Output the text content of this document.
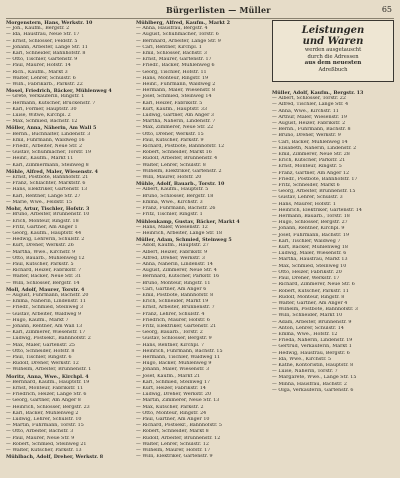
Bürgerlisten — Müller	65
Morgenstern, Hans, Werkstr. 10
— Joh., Kaufm., Bergstr. 2
— Ida, Hausfrau, Neue Str. 17
— Ernst, Schlosser, Feldstr. 5
— Johann, Arbeiter, Lange Str. 11
— Karl, Schneider, Bahnhofstr. 8
— Otto, Tischler, Gartenstr. 9
— Paul, Maurer, Hofstr. 14
— Rich., Kaufm., Markt 3
— Walter, Lehrer, Schulstr. 6
— Wilh., Fabrikarb., Parkstr. 22
Mosel, Friedrich, Bäcker, Mühlenweg 4
— Grete, Verkäuferin, Ringstr. 1
— Hermann, Kutscher, Brückenstr. 7
— Karl, Former, Hauptstr. 30
— Luise, Witwe, Kirchpl. 2
— Max, Schmied, Bachstr. 12
Möller, Anna, Näherin, Am Wall 5
— Bernh., Buchhalter, Lindenstr. 3
— Emil, Fuhrmann, Waldweg 16
— Friedr., Arbeiter, Neue Str. 2
— Gustav, Schuhmacher, Torstr. 19
— Heinr., Kaufm., Markt 11
— Karl, Zimmermann, Steinweg 8
Möhle, Alfred, Maler, Wiesenstr. 4
— Ernst, Postbote, Bahnhofstr. 21
— Franz, Schlachter, Marktstr. 6
— Hans, Elektriker, Gartenstr. 13
— Karl, Rentner, Lange Str. 27
— Marie, Wwe., Feldstr. 15
Mohr, Artur, Tischler, Hofstr. 3
— Bruno, Arbeiter, Brunnenstr. 10
— Erich, Monteur, Ringstr. 18
— Fritz, Gärtner, Am Anger 1
— Georg, Kaufm., Hauptstr. 44
— Hedwig, Lehrerin, Schulstr. 2
— Kurt, Dreher, Werkstr. 26
— Martha, Wwe., Kirchstr. 9
— Otto, Bauarb., Mühlenweg 12
— Paul, Kutscher, Parkstr. 5
— Richard, Heizer, Fabrikstr. 7
— Walter, Bäcker, Neue Str. 31
— Willi, Schlosser, Bergstr. 14
Moll, Adolf, Maurer, Torstr. 4
— August, Fuhrmann, Bachstr. 20
— Emma, Näherin, Lindenstr. 11
— Friedr., Schmied, Steinweg 3
— Gustav, Arbeiter, Waldweg 9
— Hugo, Kaufm., Markt 7
— Johann, Rentner, Am Wall 13
— Karl, Zimmerer, Wiesenstr. 17
— Ludwig, Postsekr., Bahnhofstr. 2
— Max, Maler, Gartenstr. 25
— Otto, Schneider, Hofstr. 8
— Paul, Tischler, Ringstr. 6
— Rudolf, Dreher, Werkstr. 12
— Wilhelm, Arbeiter, Brunnenstr. 1
Moritz, Anna, Wwe., Kirchpl. 4
— Bernhard, Kaufm., Hauptstr. 19
— Ernst, Monteur, Fabrikstr. 11
— Friedrich, Heizer, Lange Str. 6
— Georg, Gärtner, Am Anger 8
— Heinrich, Schlosser, Bergstr. 23
— Karl, Bäcker, Mühlenweg 2
— Ludwig, Lehrer, Schulstr. 10
— Martin, Fuhrmann, Torstr. 15
— Otto, Arbeiter, Bachstr. 3
— Paul, Maurer, Neue Str. 9
— Robert, Schmied, Steinweg 21
— Walter, Kutscher, Parkstr. 13
Mühlbach, Adolf, Dreher, Werkstr. 8
Mühlberg, Alfred, Kaufm., Markt 2
— Anna, Hausfrau, Bergstr. 4
— August, Schuhmacher, Torstr. 6
— Bernhard, Arbeiter, Lange Str. 9
— Carl, Rentner, Kirchpl. 1
— Emil, Schlosser, Bachstr. 3
— Ernst, Maurer, Gartenstr. 17
— Friedr., Bäcker, Mühlenweg 6
— Georg, Tischler, Hofstr. 11
— Hans, Monteur, Ringstr. 19
— Heinr., Fuhrmann, Waldweg 2
— Hermann, Maler, Wiesenstr. 8
— Josef, Schmied, Steinweg 14
— Karl, Heizer, Fabrikstr. 5
— Kurt, Kaufm., Hauptstr. 33
— Ludwig, Gärtner, Am Anger 3
— Martha, Näherin, Lindenstr. 7
— Max, Zimmerer, Neue Str. 22
— Otto, Dreher, Werkstr. 15
— Paul, Kutscher, Parkstr. 9
— Richard, Postbote, Bahnhofstr. 12
— Robert, Schneider, Markt 16
— Rudolf, Arbeiter, Brunnenstr. 4
— Walter, Lehrer, Schulstr. 8
— Wilhelm, Elektriker, Gartenstr. 2
— Willi, Maurer, Hofstr. 20
Mühle, Adolf, Bauarb., Torstr. 10
— Albert, Kaufm., Hauptstr. 5
— Bruno, Schlosser, Bergstr. 18
— Emma, Wwe., Kirchstr. 3
— Franz, Fuhrmann, Bachstr. 26
— Fritz, Tischler, Ringstr. 1
Mühlenkamp, Gustav, Bäcker, Markt 4
— Hans, Maler, Wiesenstr. 12
— Heinrich, Arbeiter, Lange Str. 18
Müller, Adam, Schmied, Steinweg 5
— Adolf, Kaufm., Hauptstr. 27
— Albert, Heizer, Fabrikstr. 9
— Alfred, Dreher, Werkstr. 3
— Anna, Näherin, Lindenstr. 14
— August, Zimmerer, Neue Str. 4
— Bernhard, Kutscher, Parkstr. 16
— Bruno, Monteur, Ringstr. 11
— Carl, Gärtner, Am Anger 6
— Emil, Postbote, Bahnhofstr. 8
— Erich, Schneider, Markt 19
— Ernst, Arbeiter, Brunnenstr. 7
— Franz, Lehrer, Schulstr. 4
— Friedrich, Maurer, Hofstr. 6
— Fritz, Elektriker, Gartenstr. 21
— Georg, Bauarb., Torstr. 2
— Gustav, Schlosser, Bergstr. 9
— Hans, Rentner, Kirchpl. 7
— Heinrich, Fuhrmann, Bachstr. 15
— Hermann, Tischler, Waldweg 11
— Hugo, Bäcker, Mühlenweg 9
— Johann, Maler, Wiesenstr. 3
— Josef, Kaufm., Markt 21
— Karl, Schmied, Steinweg 17
— Kurt, Heizer, Fabrikstr. 14
— Ludwig, Dreher, Werkstr. 20
— Martin, Zimmerer, Neue Str. 13
— Max, Kutscher, Parkstr. 2
— Otto, Monteur, Ringstr. 24
— Paul, Gärtner, Am Anger 10
— Richard, Postsekr., Bahnhofstr. 5
— Robert, Schneider, Markt 8
— Rudolf, Arbeiter, Brunnenstr. 12
— Walter, Lehrer, Schulstr. 12
— Wilhelm, Maurer, Hofstr. 17
— Willi, Elektriker, Gartenstr. 9
Leistungen
und Waren
werden ausgetauscht
durch die Adressen
aus dem neuesten
Adreßbuch
Müller, Adolf, Kaufm., Bergstr. 13
— Albert, Schlosser, Torstr. 22
— Alfred, Tischler, Lange Str. 4
— Anna, Wwe., Kirchstr. 11
— Arthur, Maler, Wiesenstr. 19
— August, Heizer, Fabrikstr. 2
— Bernh., Fuhrmann, Bachstr. 8
— Bruno, Dreher, Werkstr. 9
— Carl, Bäcker, Mühlenweg 14
— Elisabeth, Näherin, Lindenstr. 2
— Emil, Zimmerer, Neue Str. 28
— Erich, Kutscher, Parkstr. 21
— Ernst, Monteur, Ringstr. 5
— Franz, Gärtner, Am Anger 12
— Friedr., Postbote, Bahnhofstr. 17
— Fritz, Schneider, Markt 6
— Georg, Arbeiter, Brunnenstr. 15
— Gustav, Lehrer, Schulstr. 3
— Hans, Maurer, Hofstr. 1
— Heinrich, Elektriker, Gartenstr. 14
— Hermann, Bauarb., Torstr. 18
— Hugo, Schlosser, Bergstr. 27
— Johann, Rentner, Kirchpl. 9
— Josef, Fuhrmann, Bachstr. 19
— Karl, Tischler, Waldweg 7
— Kurt, Bäcker, Mühlenweg 18
— Ludwig, Maler, Wiesenstr. 6
— Martha, Hausfrau, Markt 13
— Max, Schmied, Steinweg 10
— Otto, Heizer, Fabrikstr. 20
— Paul, Dreher, Werkstr. 17
— Richard, Zimmerer, Neue Str. 6
— Robert, Kutscher, Parkstr. 11
— Rudolf, Monteur, Ringstr. 8
— Walter, Gärtner, Am Anger 4
— Wilhelm, Postbote, Bahnhofstr. 3
— Willi, Schneider, Markt 10
— Adam, Arbeiter, Brunnenstr. 9
— Anton, Lehrer, Schulstr. 14
— Emma, Wwe., Hofstr. 12
— Frieda, Näherin, Lindenstr. 19
— Gertrud, Verkäuferin, Markt 1
— Hedwig, Hausfrau, Bergstr. 6
— Ida, Wwe., Kirchstr. 5
— Käthe, Kontoristin, Hauptstr. 8
— Luise, Näherin, Torstr. 7
— Margarete, Wwe., Lange Str. 15
— Minna, Hausfrau, Bachstr. 2
— Olga, Verkäuferin, Gartenstr. 6
